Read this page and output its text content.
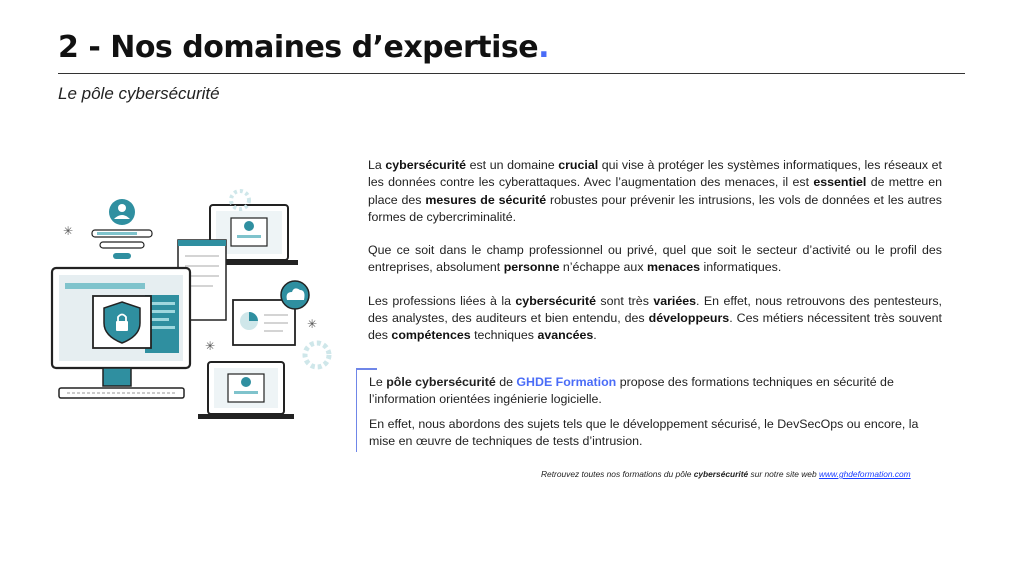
2 - Nos domaines d’expertise.
Le pôle cybersécurité
✳
✳
✳

La cybersécurité est un domaine crucial qui vise à protéger les systèmes informatiques, les réseaux et les données contre les cyberattaques. Avec l’augmentation des menaces, il est essentiel de mettre en place des mesures de sécurité robustes pour prévenir les intrusions, les vols de données et les autres formes de cybercriminalité.

Que ce soit dans le champ professionnel ou privé, quel que soit le secteur d’activité ou le profil des entreprises, absolument personne n’échappe aux menaces informatiques.

Les professions liées à la cybersécurité sont très variées. En effet, nous retrouvons des pentesteurs, des analystes, des auditeurs et bien entendu, des développeurs. Ces métiers nécessitent très souvent des compétences techniques avancées.

Le pôle cybersécurité de GHDE Formation propose des formations techniques en sécurité de l’information orientées ingénierie logicielle.

En effet, nous abordons des sujets tels que le développement sécurisé, le DevSecOps ou encore, la mise en œuvre de techniques de tests d’intrusion.

Retrouvez toutes nos formations du pôle cybersécurité sur notre site web www.ghdeformation.com
